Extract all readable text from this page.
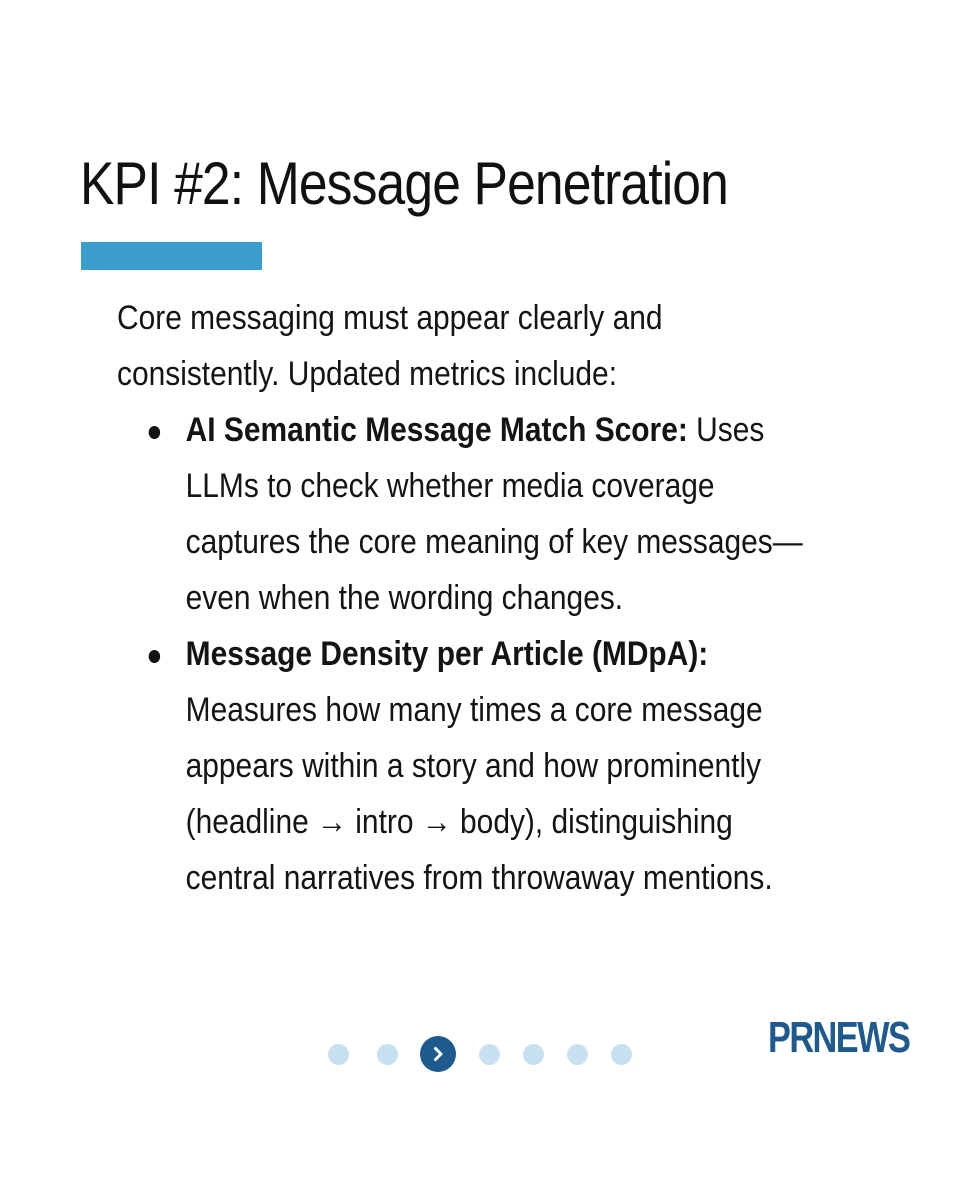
KPI #2: Message Penetration

Core messaging must appear clearly and consistently. Updated metrics include:

AI Semantic Message Match Score: Uses LLMs to check whether media coverage captures the core meaning of key messages—even when the wording changes.
Message Density per Article (MDpA):
Measures how many times a core message appears within a story and how prominently (headline → intro → body), distinguishing central narratives from throwaway mentions.
PRNEWS
